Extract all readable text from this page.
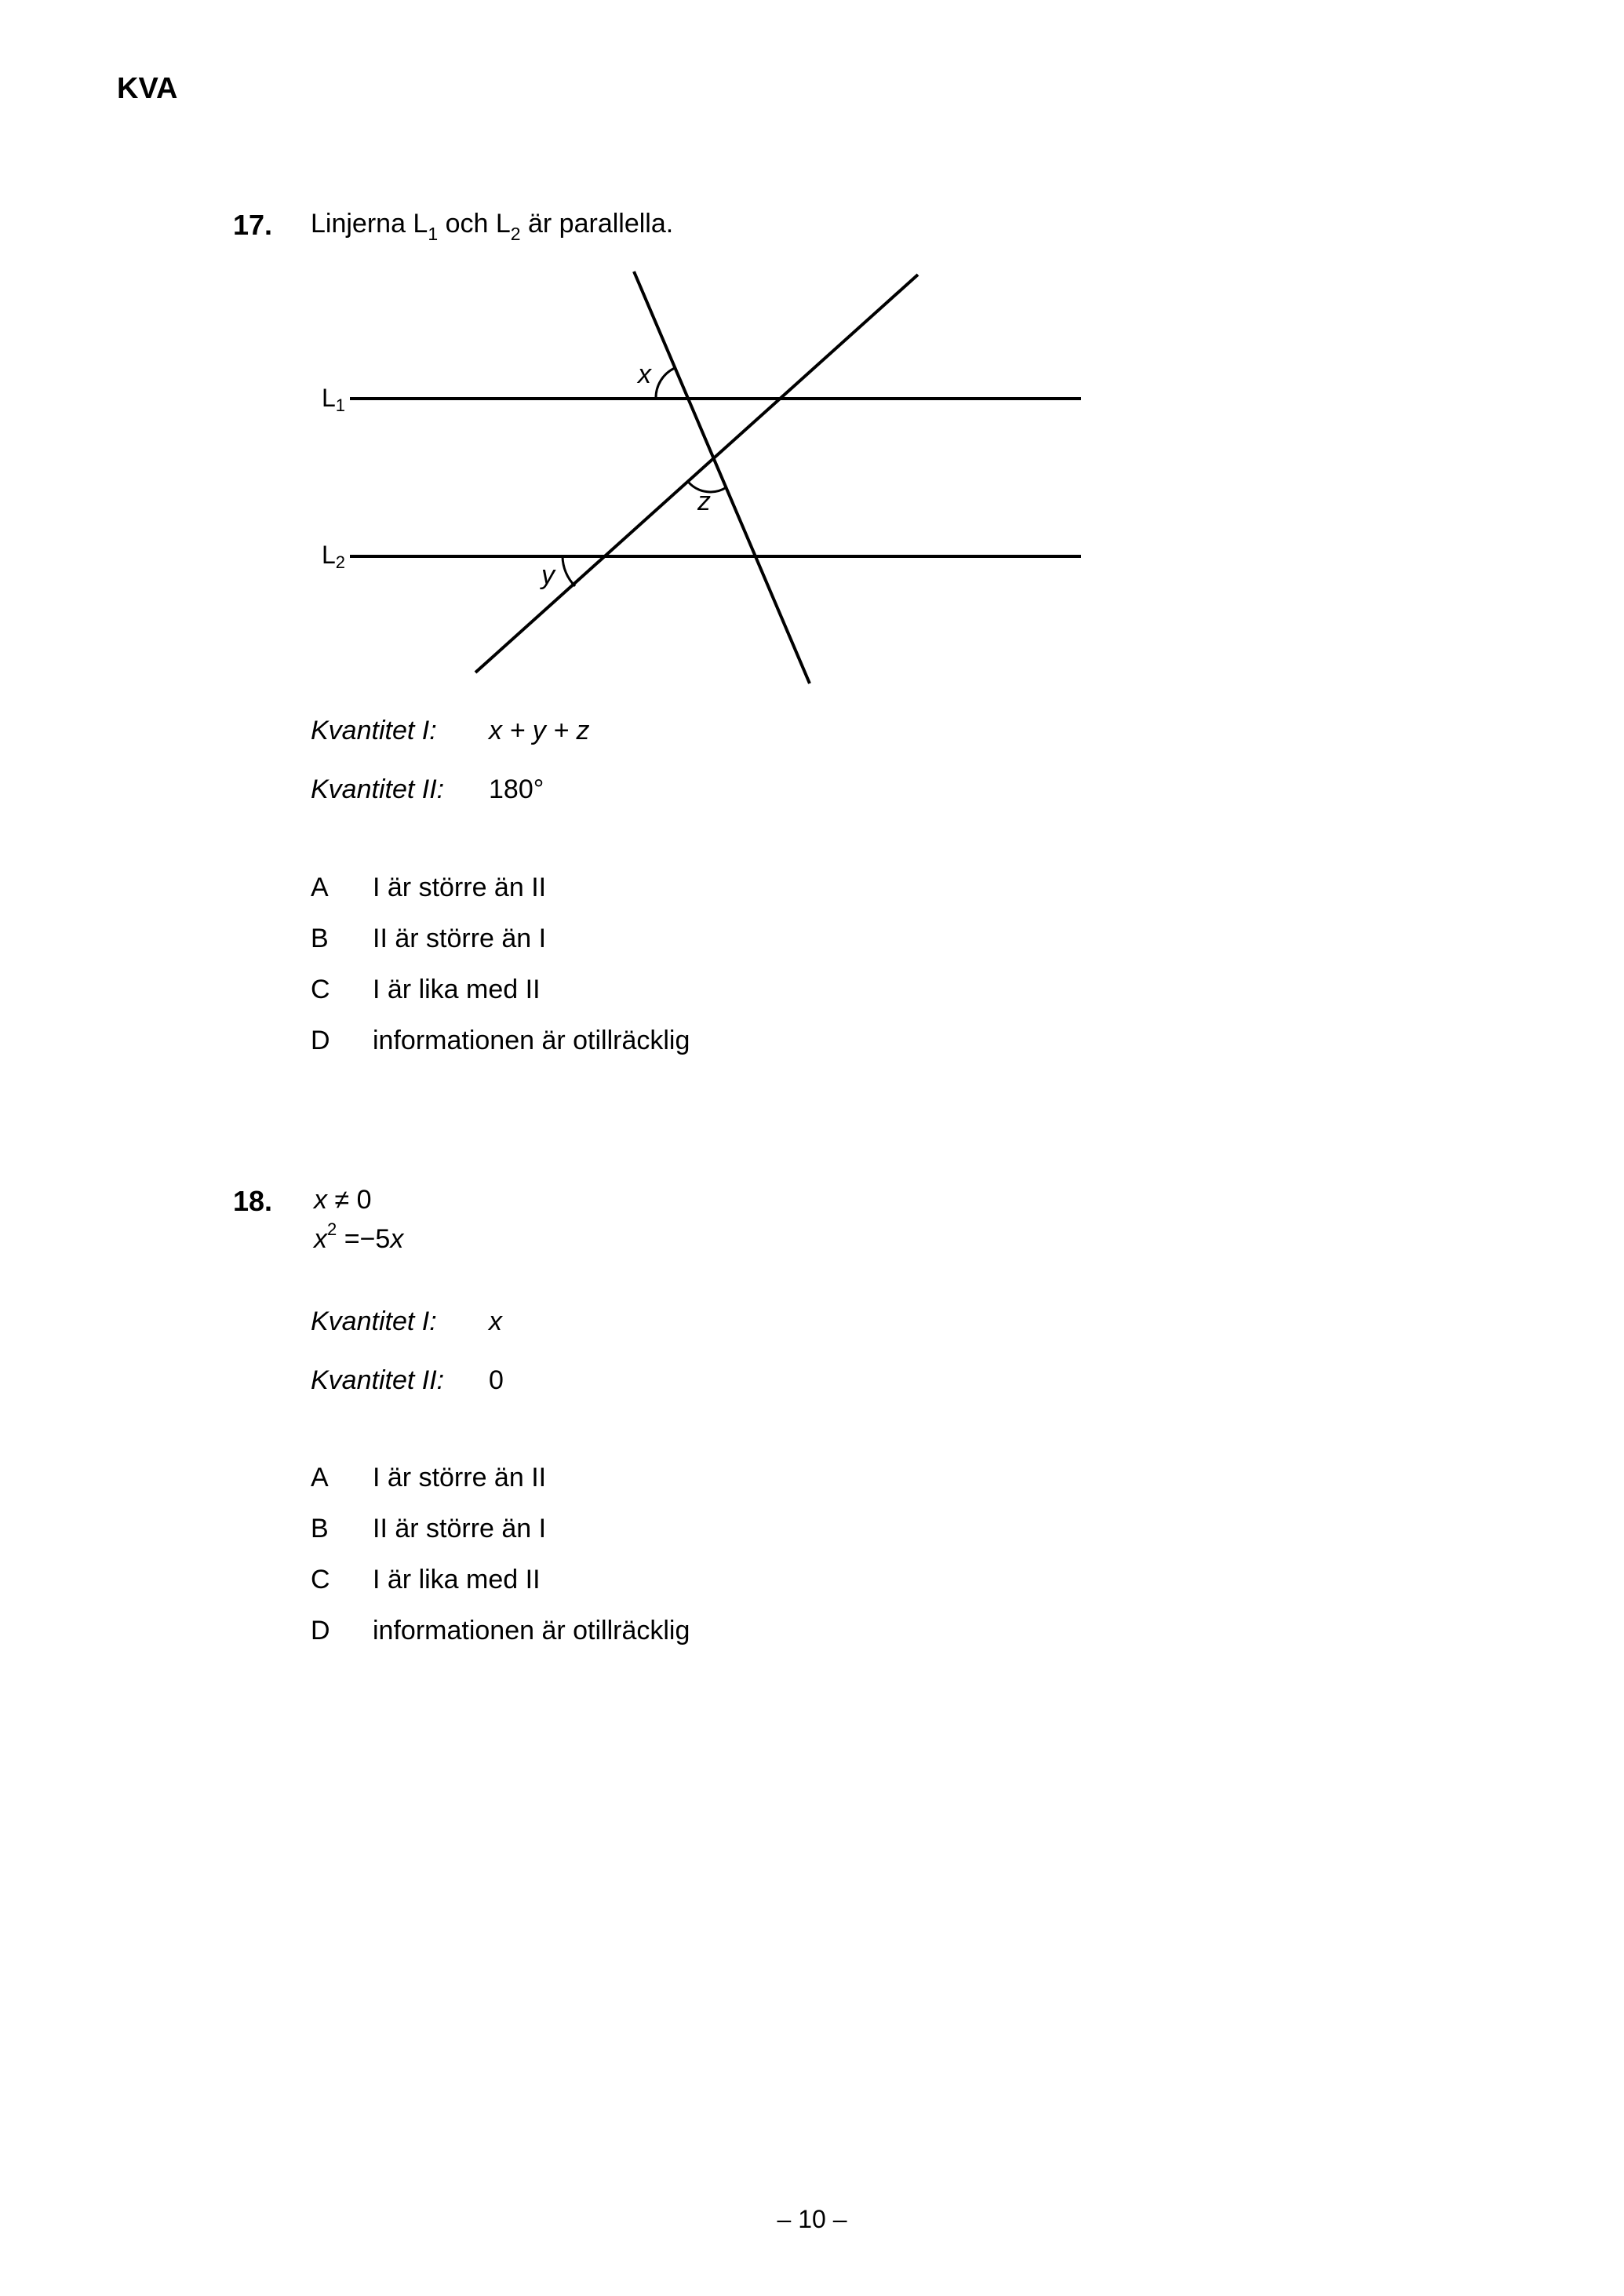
KVA
17. Linjerna $L_1$ och $L_2$ är parallella.
L1
L2
x
z
y
Kvantitet I: x + y + z
Kvantitet II: 180°
A I är större än II
B II är större än I
C I är lika med II
D informationen är otillräcklig
18. x ≠ 0
$x^2 =-5x$
Kvantitet I: x
Kvantitet II: 0
A I är större än II
B II är större än I
C I är lika med II
D informationen är otillräcklig
– 10 –
